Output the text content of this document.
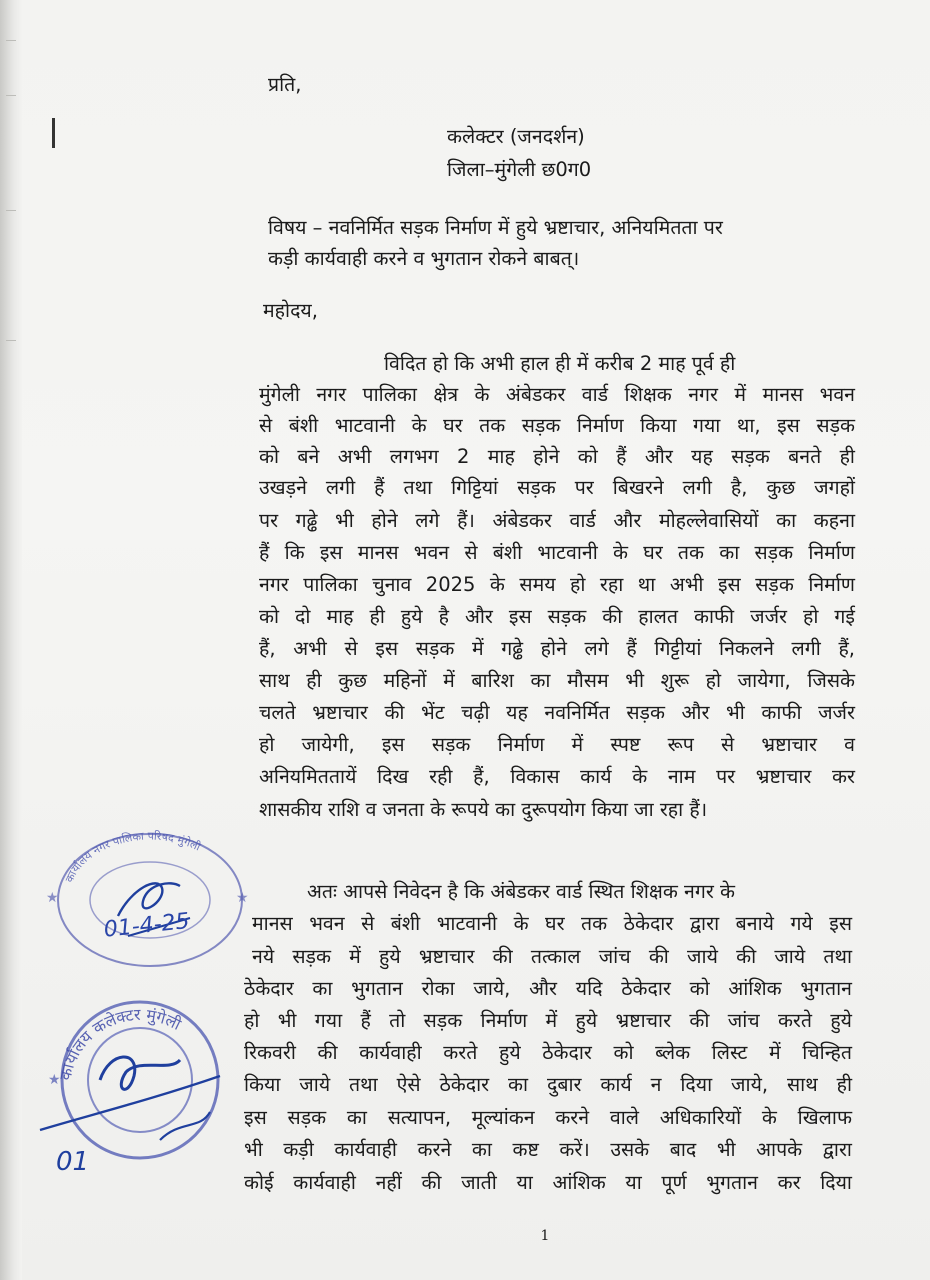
प्रति,
कलेक्टर (जनदर्शन)
जिला–मुंगेली छ0ग0
विषय – नवनिर्मित सड़क निर्माण में हुये भ्रष्टाचार, अनियमितता पर
कड़ी कार्यवाही करने व भुगतान रोकने बाबत्।
महोदय,
विदित हो कि अभी हाल ही में करीब 2 माह पूर्व ही
मुंगेली नगर पालिका क्षेत्र के अंबेडकर वार्ड शिक्षक नगर में मानस भवन
से बंशी भाटवानी के घर तक सड़क निर्माण किया गया था, इस सड़क
को बने अभी लगभग 2 माह होने को हैं और यह सड़क बनते ही
उखड़ने लगी हैं तथा गिट्टियां सड़क पर बिखरने लगी है, कुछ जगहों
पर गढ्ढे भी होने लगे हैं। अंबेडकर वार्ड और मोहल्लेवासियों का कहना
हैं कि इस मानस भवन से बंशी भाटवानी के घर तक का सड़क निर्माण
नगर पालिका चुनाव 2025 के समय हो रहा था अभी इस सड़क निर्माण
को दो माह ही हुये है और इस सड़क की हालत काफी जर्जर हो गई
हैं, अभी से इस सड़क में गढ्ढे होने लगे हैं गिट्टीयां निकलने लगी हैं,
साथ ही कुछ महिनों में बारिश का मौसम भी शुरू हो जायेगा, जिसके
चलते भ्रष्टाचार की भेंट चढ़ी यह नवनिर्मित सड़क और भी काफी जर्जर
हो जायेगी, इस सड़क निर्माण में स्पष्ट रूप से भ्रष्टाचार व
अनियमिततायें दिख रही हैं, विकास कार्य के नाम पर भ्रष्टाचार कर
शासकीय राशि व जनता के रूपये का दुरूपयोग किया जा रहा हैं।
अतः आपसे निवेदन है कि अंबेडकर वार्ड स्थित शिक्षक नगर के
मानस भवन से बंशी भाटवानी के घर तक ठेकेदार द्वारा बनाये गये इस
नये सड़क में हुये भ्रष्टाचार की तत्काल जांच की जाये की जाये तथा
ठेकेदार का भुगतान रोका जाये, और यदि ठेकेदार को आंशिक भुगतान
हो भी गया हैं तो सड़क निर्माण में हुये भ्रष्टाचार की जांच करते हुये
रिकवरी की कार्यवाही करते हुये ठेकेदार को ब्लेक लिस्ट में चिन्हित
किया जाये तथा ऐसे ठेकेदार का दुबार कार्य न दिया जाये, साथ ही
इस सड़क का सत्यापन, मूल्यांकन करने वाले अधिकारियों के खिलाफ
भी कड़ी कार्यवाही करने का कष्ट करें। उसके बाद भी आपके द्वारा
कोई कार्यवाही नहीं की जाती या आंशिक या पूर्ण भुगतान कर दिया
1
कार्यालय नगर पालिका परिषद मुंगेली
★	★
01-4-25
कार्यालय कलेक्टर मुंगेली
★
01
